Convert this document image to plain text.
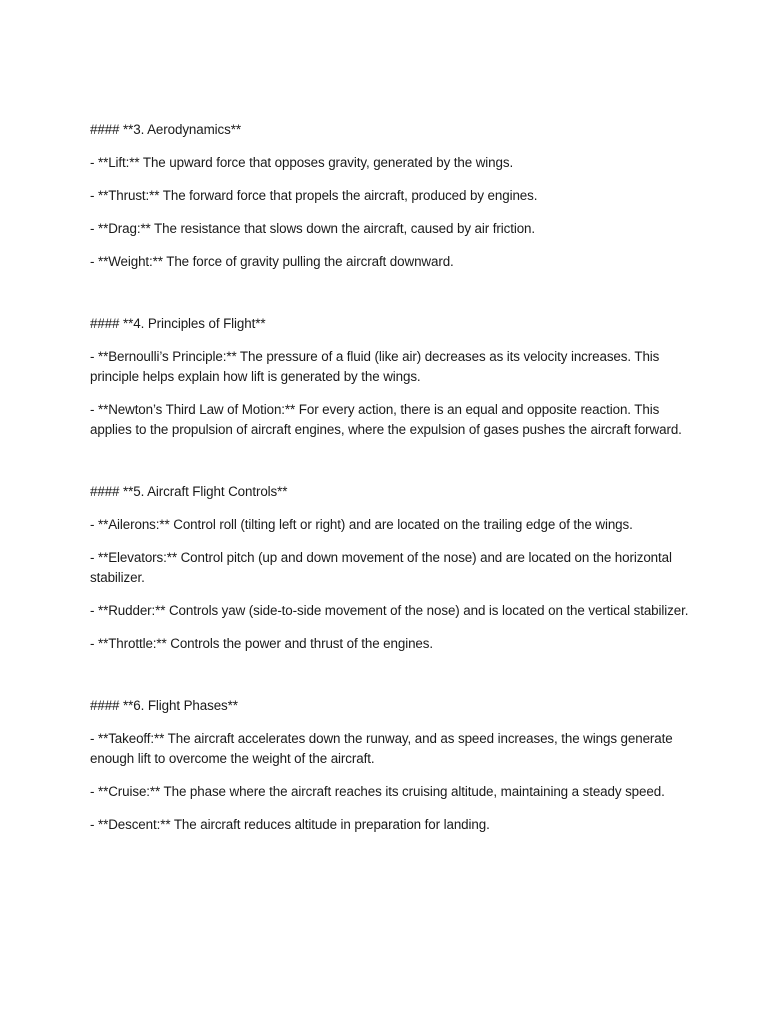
#### **3. Aerodynamics**
- **Lift:** The upward force that opposes gravity, generated by the wings.
- **Thrust:** The forward force that propels the aircraft, produced by engines.
- **Drag:** The resistance that slows down the aircraft, caused by air friction.
- **Weight:** The force of gravity pulling the aircraft downward.
#### **4. Principles of Flight**
- **Bernoulli’s Principle:** The pressure of a fluid (like air) decreases as its velocity increases. This principle helps explain how lift is generated by the wings.
- **Newton’s Third Law of Motion:** For every action, there is an equal and opposite reaction. This applies to the propulsion of aircraft engines, where the expulsion of gases pushes the aircraft forward.
#### **5. Aircraft Flight Controls**
- **Ailerons:** Control roll (tilting left or right) and are located on the trailing edge of the wings.
- **Elevators:** Control pitch (up and down movement of the nose) and are located on the horizontal stabilizer.
- **Rudder:** Controls yaw (side-to-side movement of the nose) and is located on the vertical stabilizer.
- **Throttle:** Controls the power and thrust of the engines.
#### **6. Flight Phases**
- **Takeoff:** The aircraft accelerates down the runway, and as speed increases, the wings generate enough lift to overcome the weight of the aircraft.
- **Cruise:** The phase where the aircraft reaches its cruising altitude, maintaining a steady speed.
- **Descent:** The aircraft reduces altitude in preparation for landing.
